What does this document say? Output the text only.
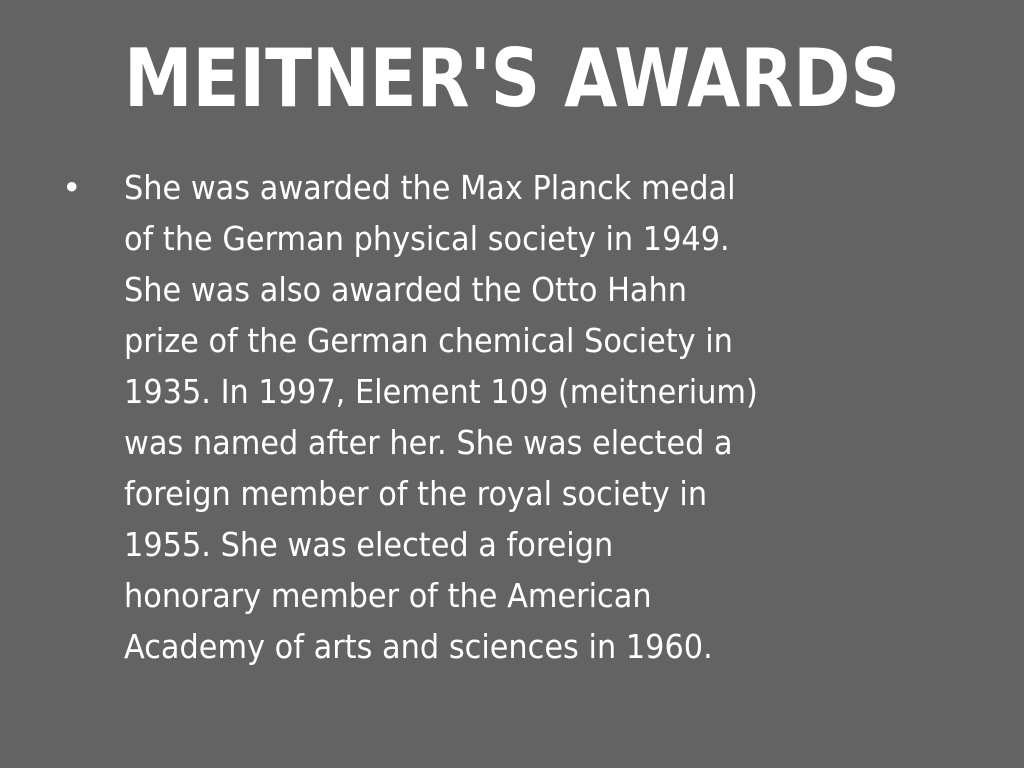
MEITNER'S AWARDS
• She was awarded the Max Planck medal
of the German physical society in 1949.
She was also awarded the Otto Hahn
prize of the German chemical Society in
1935. In 1997, Element 109 (meitnerium)
was named after her. She was elected a
foreign member of the royal society in
1955. She was elected a foreign
honorary member of the American
Academy of arts and sciences in 1960.
